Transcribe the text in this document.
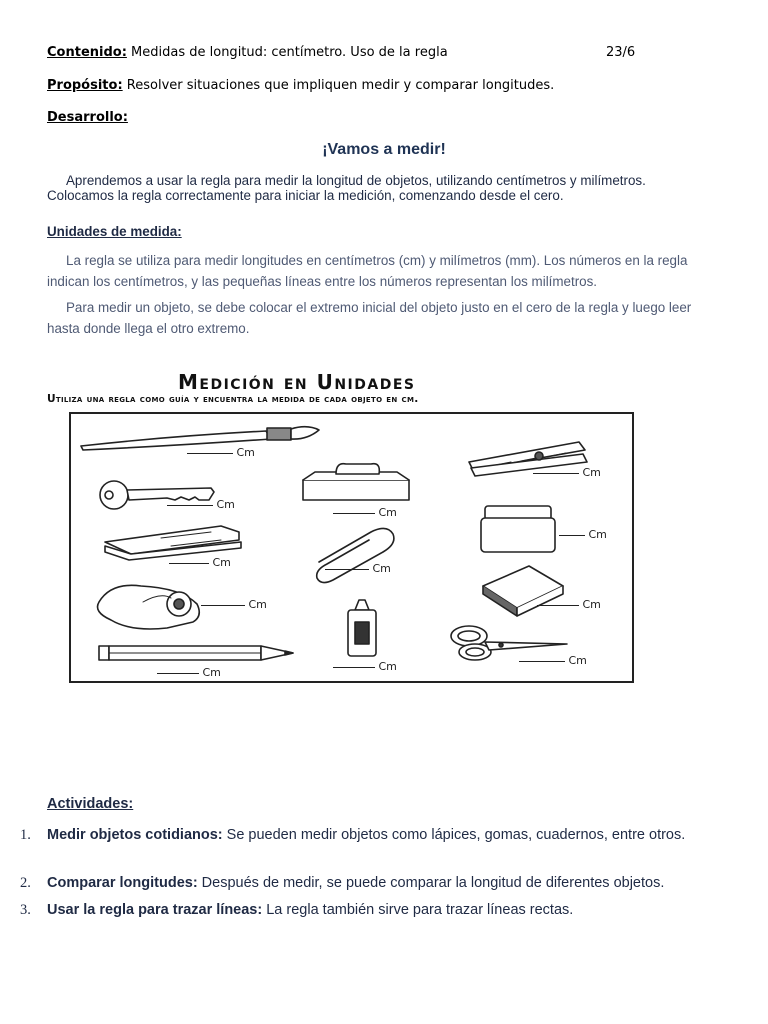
Contenido: Medidas de longitud: centímetro. Uso de la regla	23/6
Propósito: Resolver situaciones que impliquen medir y comparar longitudes.
Desarrollo:
¡Vamos a medir!
Aprendemos a usar la regla para medir la longitud de objetos, utilizando centímetros y milímetros.
Colocamos la regla correctamente para iniciar la medición, comenzando desde el cero.
Unidades de medida:
La regla se utiliza para medir longitudes en centímetros (cm) y milímetros (mm). Los números en la regla indican los centímetros, y las pequeñas líneas entre los números representan los milímetros.
Para medir un objeto, se debe colocar el extremo inicial del objeto justo en el cero de la regla y luego leer hasta donde llega el otro extremo.
Medición en Unidades
Utiliza una regla como guía y encuentra la medida de cada objeto en cm.
Cm
Cm
Cm
Cm
Cm
Cm	Cm
Cm
Cm
Cm	Cm
Cm
Actividades:
1.	Medir objetos cotidianos: Se pueden medir objetos como lápices, gomas, cuadernos, entre otros.
2.	Comparar longitudes: Después de medir, se puede comparar la longitud de diferentes objetos.
3.	Usar la regla para trazar líneas: La regla también sirve para trazar líneas rectas.
